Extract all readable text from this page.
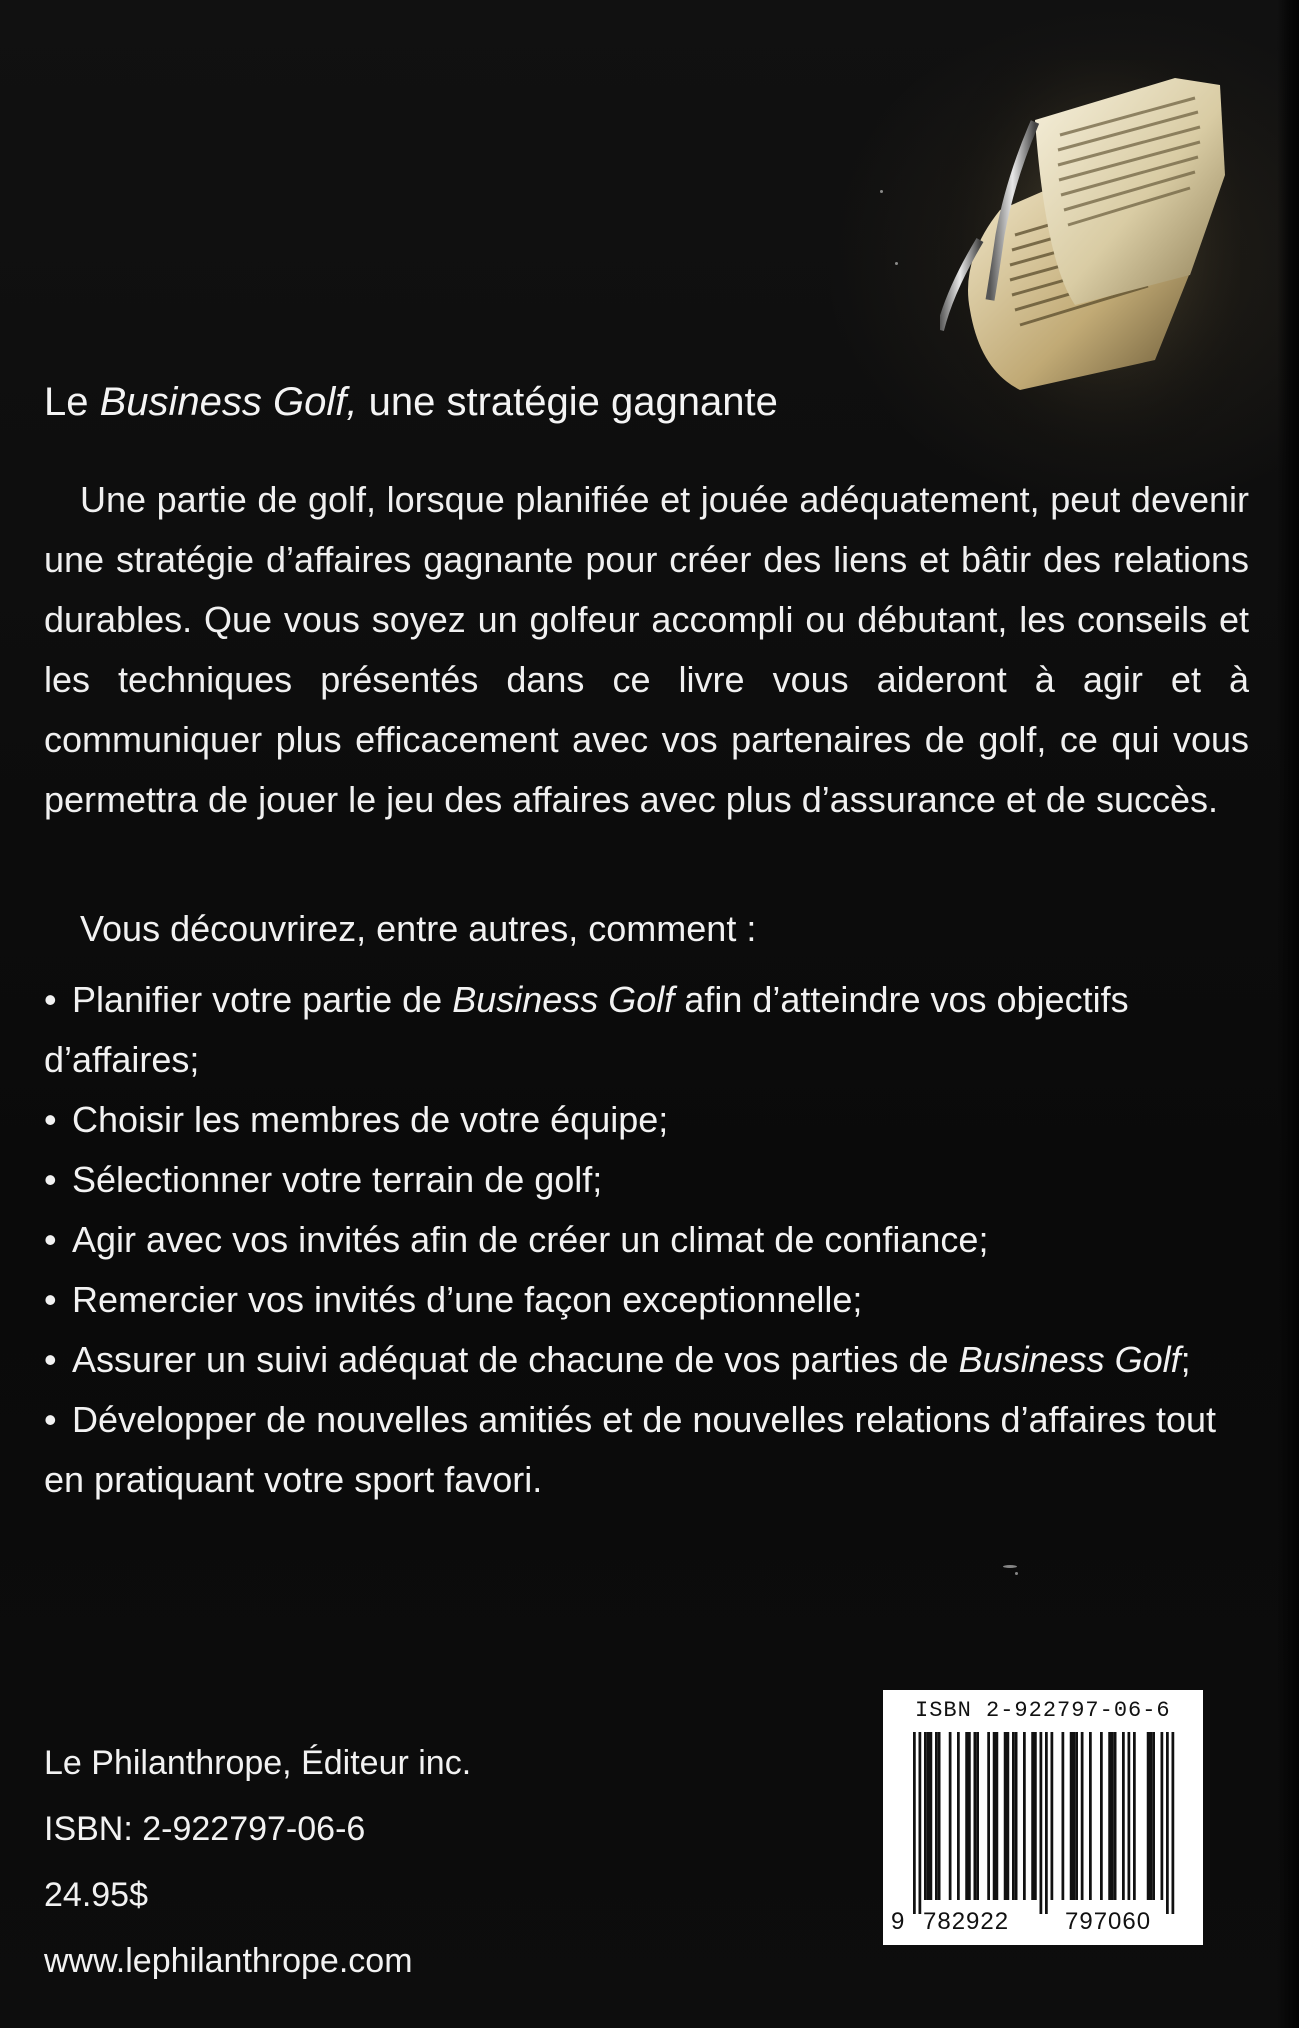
Le Business Golf, une stratégie gagnante

Une partie de golf, lorsque planifiée et jouée adéquatement, peut devenir une stratégie d’affaires gagnante pour créer des liens et bâtir des relations durables. Que vous soyez un golfeur accompli ou débutant, les conseils et les techniques présentés dans ce livre vous aideront à agir et à communiquer plus efficacement avec vos partenaires de golf, ce qui vous permettra de jouer le jeu des affaires avec plus d’assurance et de succès.

Vous découvrirez, entre autres, comment :

• Planifier votre partie de Business Golf afin d’atteindre vos objectifs d’affaires;
• Choisir les membres de votre équipe;
• Sélectionner votre terrain de golf;
• Agir avec vos invités afin de créer un climat de confiance;
• Remercier vos invités d’une façon exceptionnelle;
• Assurer un suivi adéquat de chacune de vos parties de Business Golf;
• Développer de nouvelles amitiés et de nouvelles relations d’affaires tout en pratiquant votre sport favori.
Le Philanthrope, Éditeur inc.
ISBN: 2-922797-06-6
24.95$
www.lephilanthrope.com
ISBN 2-922797-06-6
9 782922 797060
